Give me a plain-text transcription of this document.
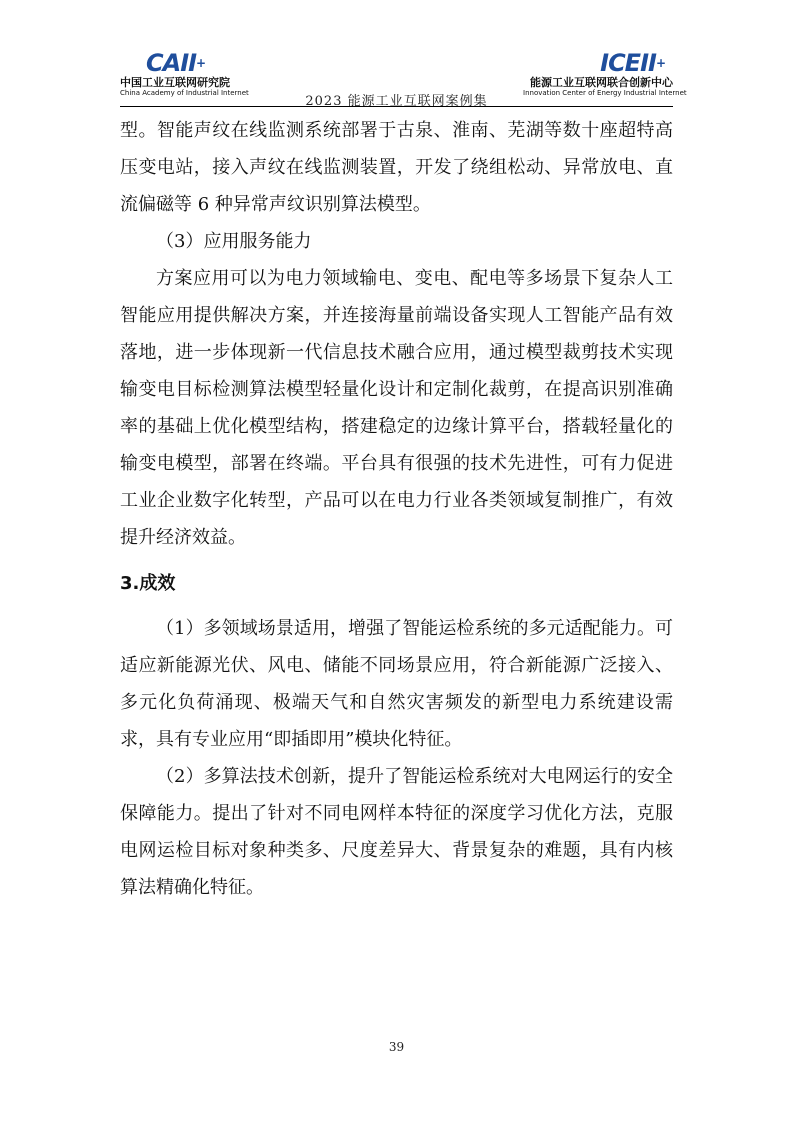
CAII+
中国工业互联网研究院
China Academy of Industrial Internet
2023 能源工业互联网案例集
ICEII+
能源工业互联网联合创新中心
Innovation Center of Energy Industrial Internet

型。智能声纹在线监测系统部署于古泉、淮南、芜湖等数十座超特高压变电站，接入声纹在线监测装置，开发了绕组松动、异常放电、直流偏磁等 6 种异常声纹识别算法模型。

（3）应用服务能力

方案应用可以为电力领域输电、变电、配电等多场景下复杂人工智能应用提供解决方案，并连接海量前端设备实现人工智能产品有效落地，进一步体现新一代信息技术融合应用，通过模型裁剪技术实现输变电目标检测算法模型轻量化设计和定制化裁剪，在提高识别准确率的基础上优化模型结构，搭建稳定的边缘计算平台，搭载轻量化的输变电模型，部署在终端。平台具有很强的技术先进性，可有力促进工业企业数字化转型，产品可以在电力行业各类领域复制推广，有效提升经济效益。

3.成效

（1）多领域场景适用，增强了智能运检系统的多元适配能力。可适应新能源光伏、风电、储能不同场景应用，符合新能源广泛接入、多元化负荷涌现、极端天气和自然灾害频发的新型电力系统建设需求，具有专业应用“即插即用”模块化特征。

（2）多算法技术创新，提升了智能运检系统对大电网运行的安全保障能力。提出了针对不同电网样本特征的深度学习优化方法，克服电网运检目标对象种类多、尺度差异大、背景复杂的难题，具有内核算法精确化特征。

39
